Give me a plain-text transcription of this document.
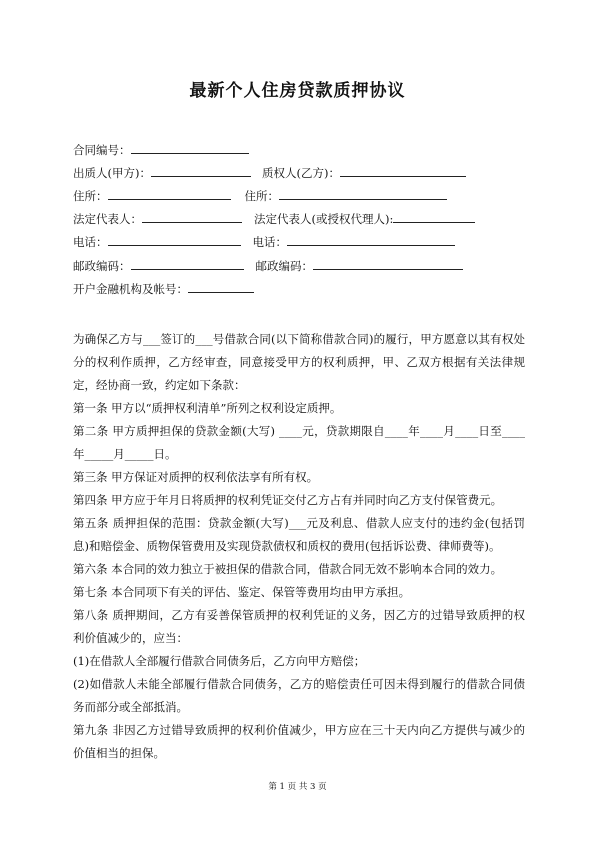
最新个人住房贷款质押协议
合同编号：
出质人(甲方)：	质权人(乙方)：
住所：	住所：
法定代表人：	法定代表人(或授权代理人):
电话：	电话：
邮政编码：	邮政编码：
开户金融机构及帐号：

为确保乙方与___签订的___号借款合同(以下简称借款合同)的履行，甲方愿意以其有权处分的权利作质押，乙方经审查，同意接受甲方的权利质押，甲、乙双方根据有关法律规定，经协商一致，约定如下条款：

第一条 甲方以“质押权利清单”所列之权利设定质押。

第二条 甲方质押担保的贷款金额(大写) ____元，贷款期限自____年____月____日至____年_____月_____日。

第三条 甲方保证对质押的权利依法享有所有权。

第四条 甲方应于年月日将质押的权利凭证交付乙方占有并同时向乙方支付保管费元。

第五条 质押担保的范围：贷款金额(大写)___元及利息、借款人应支付的违约金(包括罚息)和赔偿金、质物保管费用及实现贷款债权和质权的费用(包括诉讼费、律师费等)。

第六条 本合同的效力独立于被担保的借款合同，借款合同无效不影响本合同的效力。

第七条 本合同项下有关的评估、鉴定、保管等费用均由甲方承担。

第八条 质押期间，乙方有妥善保管质押的权利凭证的义务，因乙方的过错导致质押的权利价值减少的，应当：

(1)在借款人全部履行借款合同债务后，乙方向甲方赔偿；

(2)如借款人未能全部履行借款合同债务，乙方的赔偿责任可因未得到履行的借款合同债务而部分或全部抵消。

第九条 非因乙方过错导致质押的权利价值减少，甲方应在三十天内向乙方提供与减少的价值相当的担保。

第 1 页 共 3 页
